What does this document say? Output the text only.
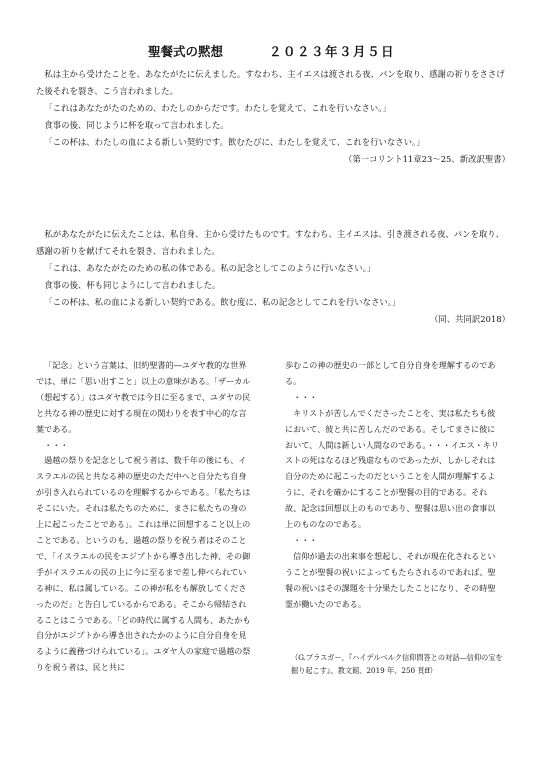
聖餐式の黙想	２０２３年３月５日

私は主から受けたことを、あなたがたに伝えました。すなわち、主イエスは渡される夜、パンを取り、感謝の祈りをささげた後それを裂き、こう言われました。

「これはあなたがたのための、わたしのからだです。わたしを覚えて、これを行いなさい。」

食事の後、同じように杯を取って言われました。

「この杯は、わたしの血による新しい契約です。飲むたびに、わたしを覚えて、これを行いなさい。」

（第一コリント11章23～25、新改訳聖書）

私があなたがたに伝えたことは、私自身、主から受けたものです。すなわち、主イエスは、引き渡される夜、パンを取り、感謝の祈りを献げてそれを裂き、言われました。

「これは、あなたがたのための私の体である。私の記念としてこのように行いなさい。」

食事の後、杯も同じようにして言われました。

「この杯は、私の血による新しい契約である。飲む度に、私の記念としてこれを行いなさい。」

（同、共同訳2018）

「記念」という言葉は、旧約聖書的―ユダヤ教的な世界では、単に「思い出すこと」以上の意味がある。「ザーカル（想起する）」はユダヤ教では今日に至るまで、ユダヤの民と共なる神の歴史に対する現在の関わりを表す中心的な言葉である。

・・・

過越の祭りを記念として祝う者は、数千年の後にも、イスラエルの民と共なる神の歴史のただ中へと自分たち自身が引き入れられているのを理解するからである。「私たちはそこにいた。それは私たちのために、まさに私たちの身の上に起こったことである」。これは単に回想すること以上のことである。というのも、過越の祭りを祝う者はそのことで、「イスラエルの民をエジプトから導き出した神、その御手がイスラエルの民の上に今に至るまで差し伸べられている神に、私は属している。この神が私をも解放してくださったのだ」と告白しているからである。そこから帰結されることはこうである。「どの時代に属する人間も、あたかも自分がエジプトから導き出されたかのように自分自身を見るように義務づけられている」。ユダヤ人の家庭で過越の祭りを祝う者は、民と共に

歩むこの神の歴史の一部として自分自身を理解するのである。

・・・

キリストが苦しんでくださったことを、実は私たちも彼において、彼と共に苦しんだのである。そしてまさに彼において、人間は新しい人間なのである。・・・イエス・キリストの死はなるほど残虐なものであったが、しかしそれは自分のために起こったのだということを人間が理解するように、それを確かにすることが聖餐の目的である。それ故、記念は回想以上のものであり、聖餐は思い出の食事以上のものなのである。

・・・

信仰が過去の出来事を想起し、それが現在化されるということが聖餐の祝いによってもたらされるのであれば、聖餐の祝いはその課題を十分果たしたことになり、その時聖霊が働いたのである。

（G.プラスガー、『ハイデルベルク信仰問答との対話―信仰の宝を掘り起こす』、教文館、2019 年、250 頁ff）
